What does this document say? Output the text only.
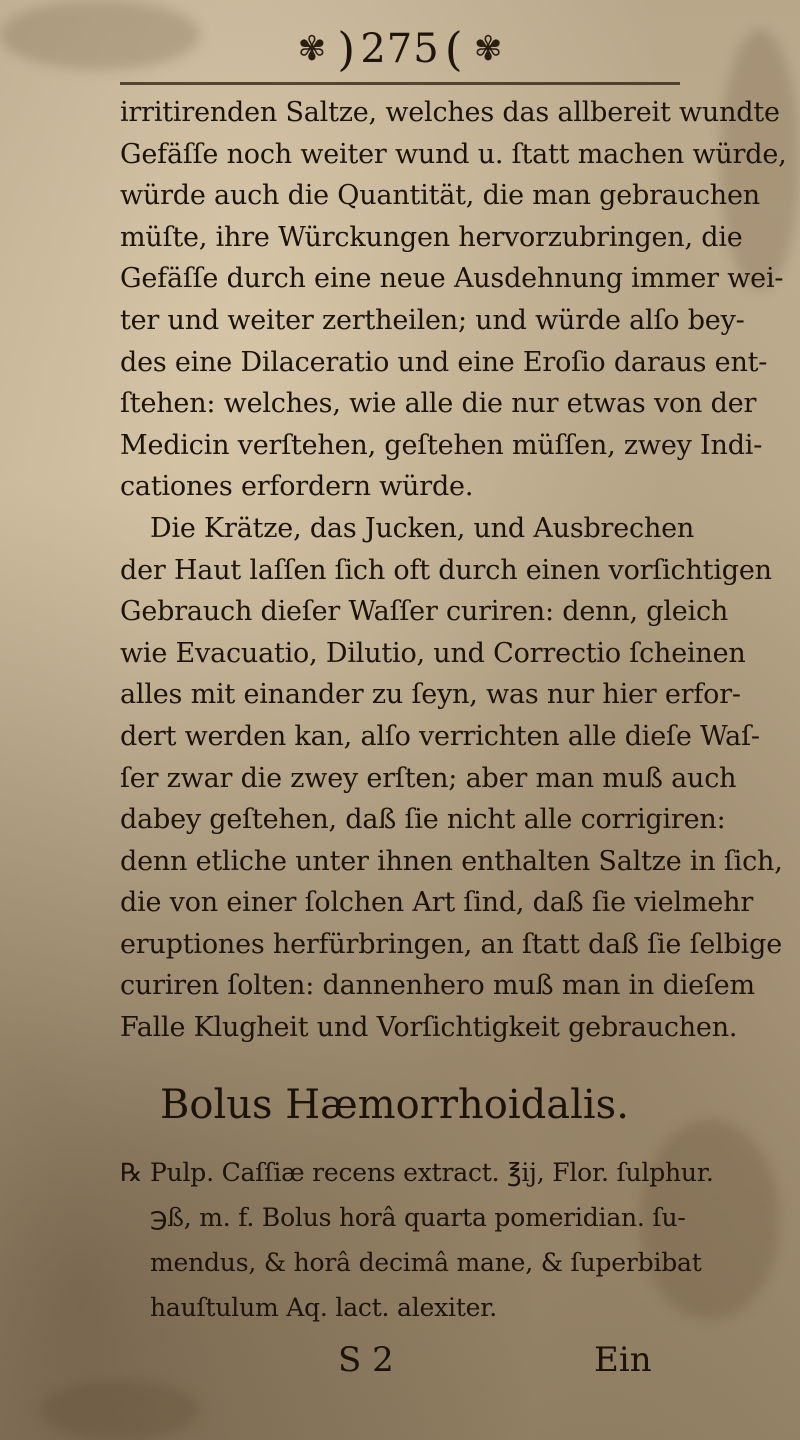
✾ ) 275 ( ✾
irritirenden Saltze, welches das allbereit wundte
Gefäſſe noch weiter wund u. ſtatt machen würde,
würde auch die Quantität, die man gebrauchen
müſte, ihre Würckungen hervorzubringen, die
Gefäſſe durch eine neue Ausdehnung immer wei-
ter und weiter zertheilen; und würde alſo bey-
des eine Dilaceratio und eine Eroſio daraus ent-
ſtehen: welches, wie alle die nur etwas von der
Medicin verſtehen, geſtehen müſſen, zwey Indi-
cationes erfordern würde.
Die Krätze, das Jucken, und Ausbrechen
der Haut laſſen ſich oft durch einen vorſichtigen
Gebrauch dieſer Waſſer curiren: denn, gleich
wie Evacuatio, Dilutio, und Correctio ſcheinen
alles mit einander zu ſeyn, was nur hier erfor-
dert werden kan, alſo verrichten alle dieſe Waſ-
ſer zwar die zwey erſten; aber man muß auch
dabey geſtehen, daß ſie nicht alle corrigiren:
denn etliche unter ihnen enthalten Saltze in ſich,
die von einer ſolchen Art ſind, daß ſie vielmehr
eruptiones herfürbringen, an ſtatt daß ſie ſelbige
curiren ſolten: dannenhero muß man in dieſem
Falle Klugheit und Vorſichtigkeit gebrauchen.
Bolus Hæmorrhoidalis.
℞ Pulp. Caſſiæ recens extract. ℥ij, Flor. ſulphur.
℈ß, m. f. Bolus horâ quarta pomeridian. ſu-
mendus, & horâ decimâ mane, & ſuperbibat
hauſtulum Aq. lact. alexiter.
S 2	Ein
